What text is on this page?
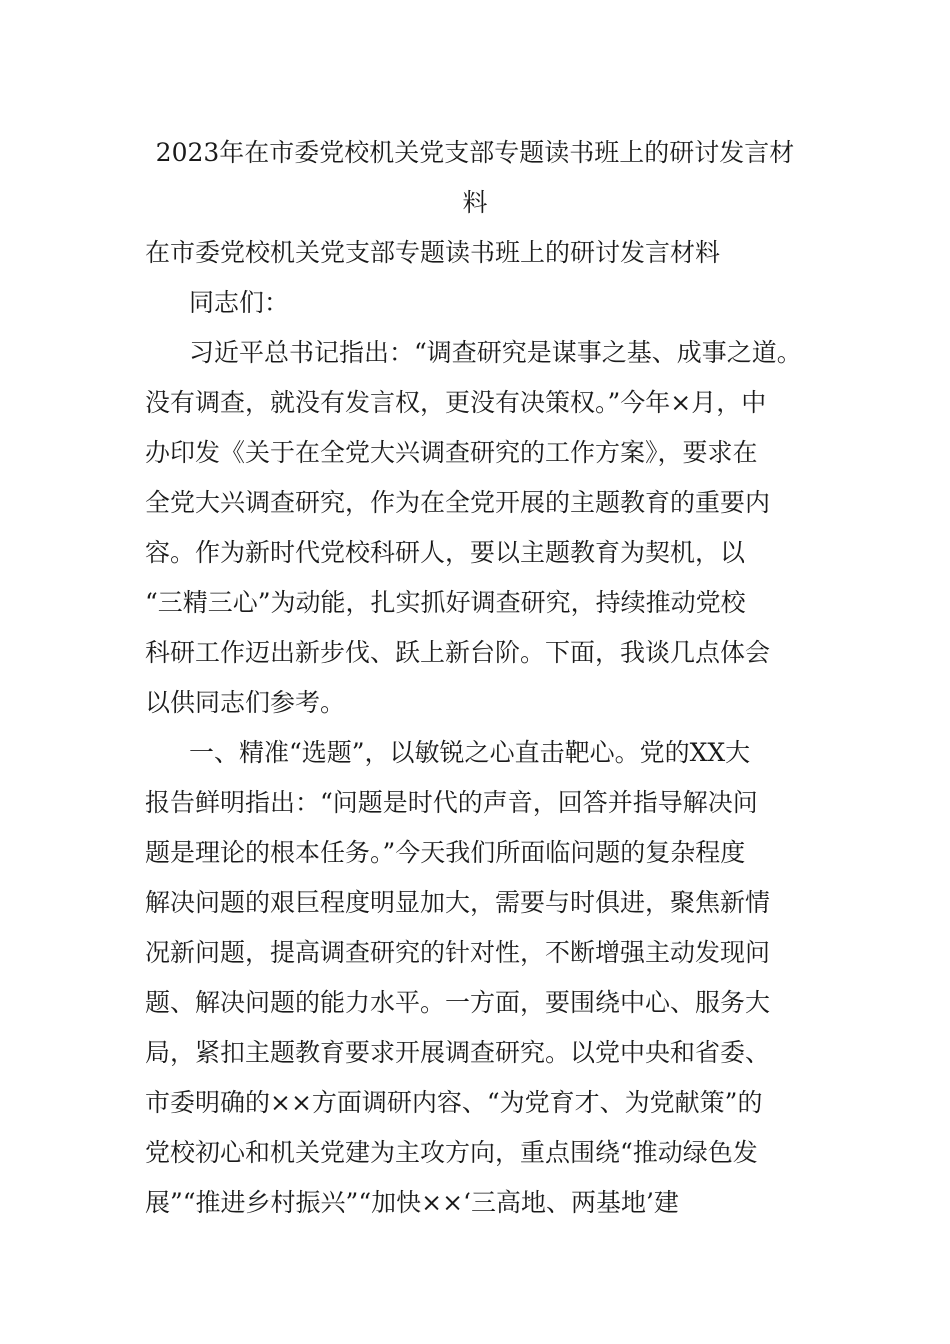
2023年在市委党校机关党支部专题读书班上的研讨发言材
料
在市委党校机关党支部专题读书班上的研讨发言材料
同志们：
习近平总书记指出：“调查研究是谋事之基、成事之道。
没有调查，就没有发言权，更没有决策权。”今年×月，中
办印发《关于在全党大兴调查研究的工作方案》，要求在
全党大兴调查研究，作为在全党开展的主题教育的重要内
容。作为新时代党校科研人，要以主题教育为契机，以
“三精三心”为动能，扎实抓好调查研究，持续推动党校
科研工作迈出新步伐、跃上新台阶。下面，我谈几点体会
以供同志们参考。
一、精准“选题”，以敏锐之心直击靶心。党的XX大
报告鲜明指出：“问题是时代的声音，回答并指导解决问
题是理论的根本任务。”今天我们所面临问题的复杂程度
解决问题的艰巨程度明显加大，需要与时俱进，聚焦新情
况新问题，提高调查研究的针对性，不断增强主动发现问
题、解决问题的能力水平。一方面，要围绕中心、服务大
局，紧扣主题教育要求开展调查研究。以党中央和省委、
市委明确的××方面调研内容、“为党育才、为党献策”的
党校初心和机关党建为主攻方向，重点围绕“推动绿色发
展”“推进乡村振兴”“加快××‘三高地、两基地’建
